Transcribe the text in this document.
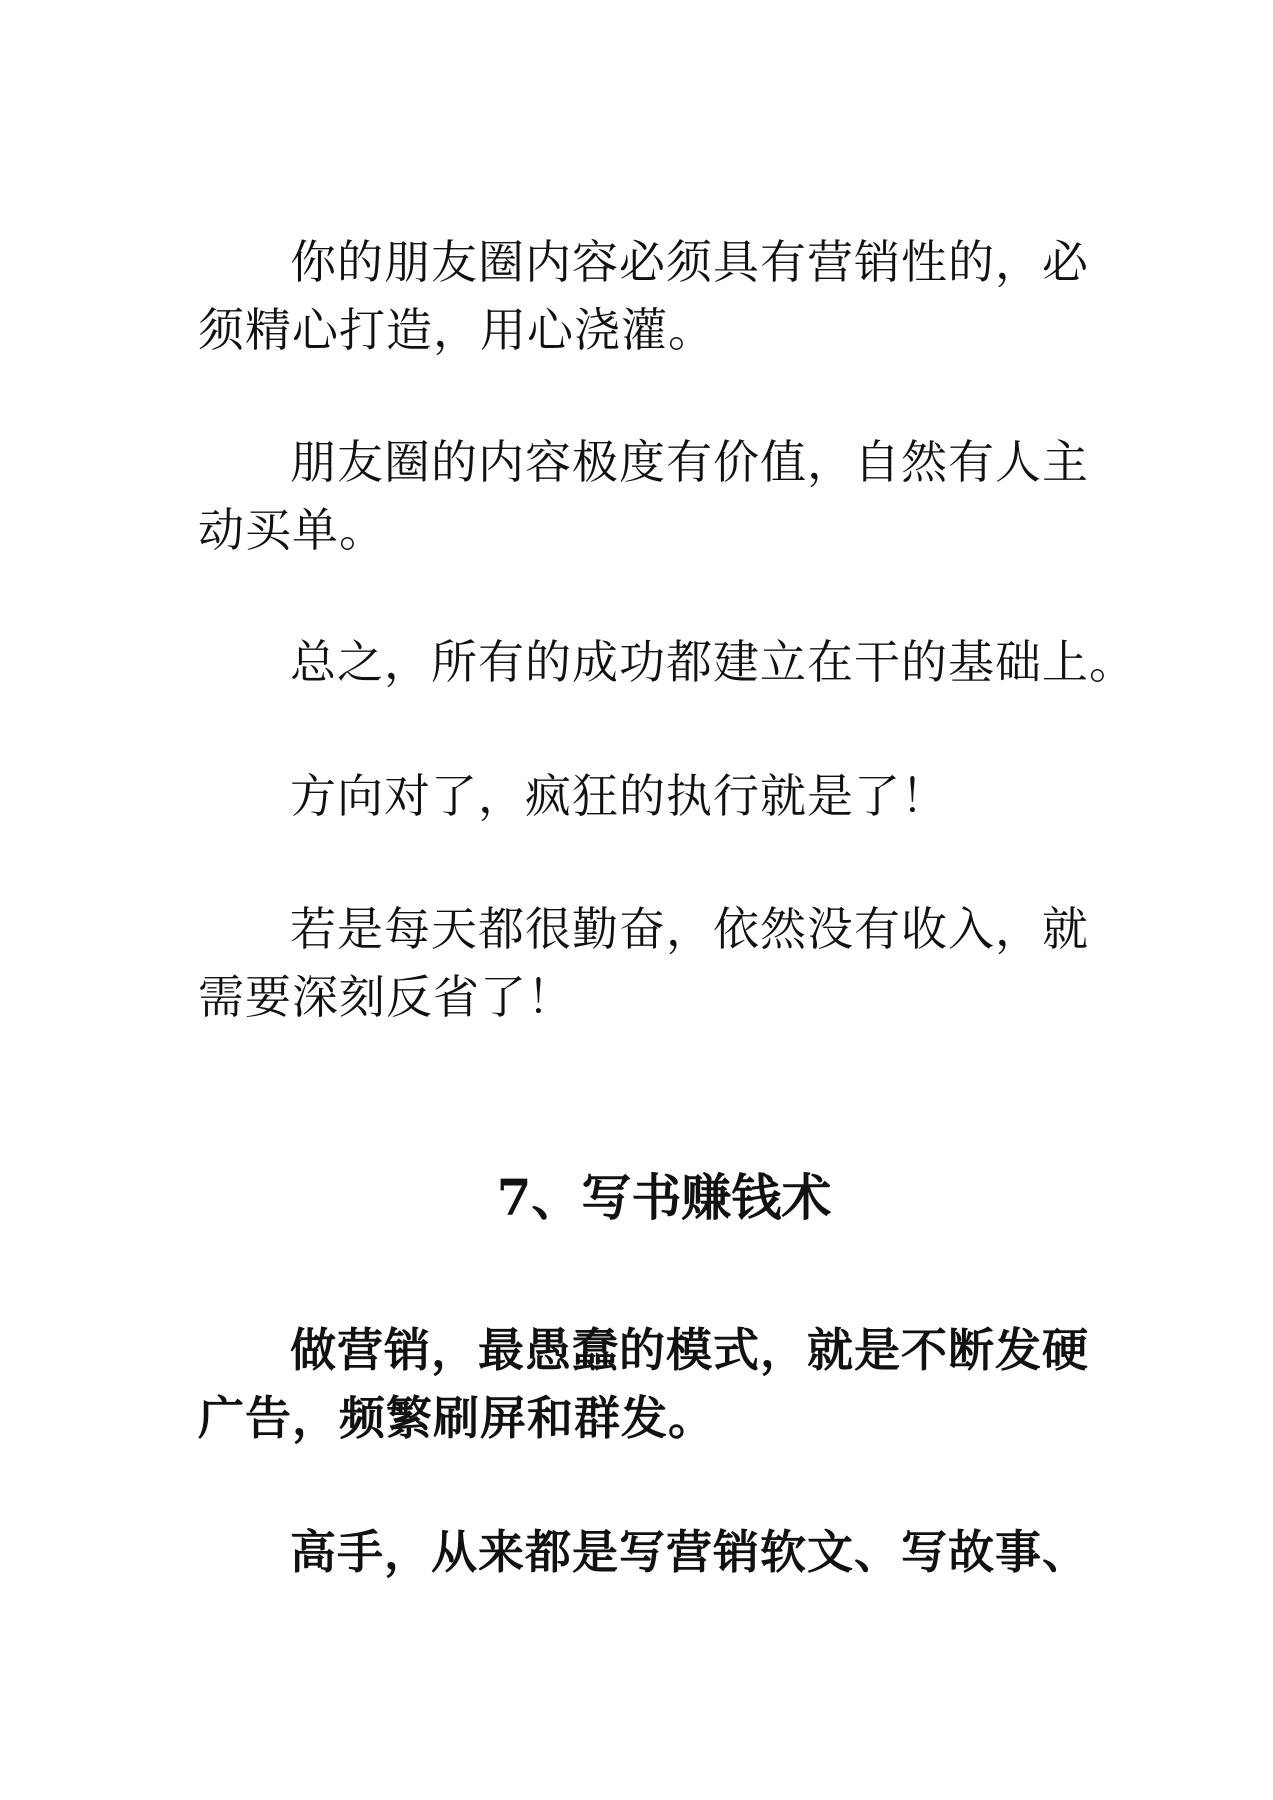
你的朋友圈内容必须具有营销性的，必
须精心打造，用心浇灌。

朋友圈的内容极度有价值，自然有人主
动买单。

总之，所有的成功都建立在干的基础上。

方向对了，疯狂的执行就是了！

若是每天都很勤奋，依然没有收入，就
需要深刻反省了！

7、写书赚钱术

做营销，最愚蠢的模式，就是不断发硬
广告，频繁刷屏和群发。

高手，从来都是写营销软文、写故事、
